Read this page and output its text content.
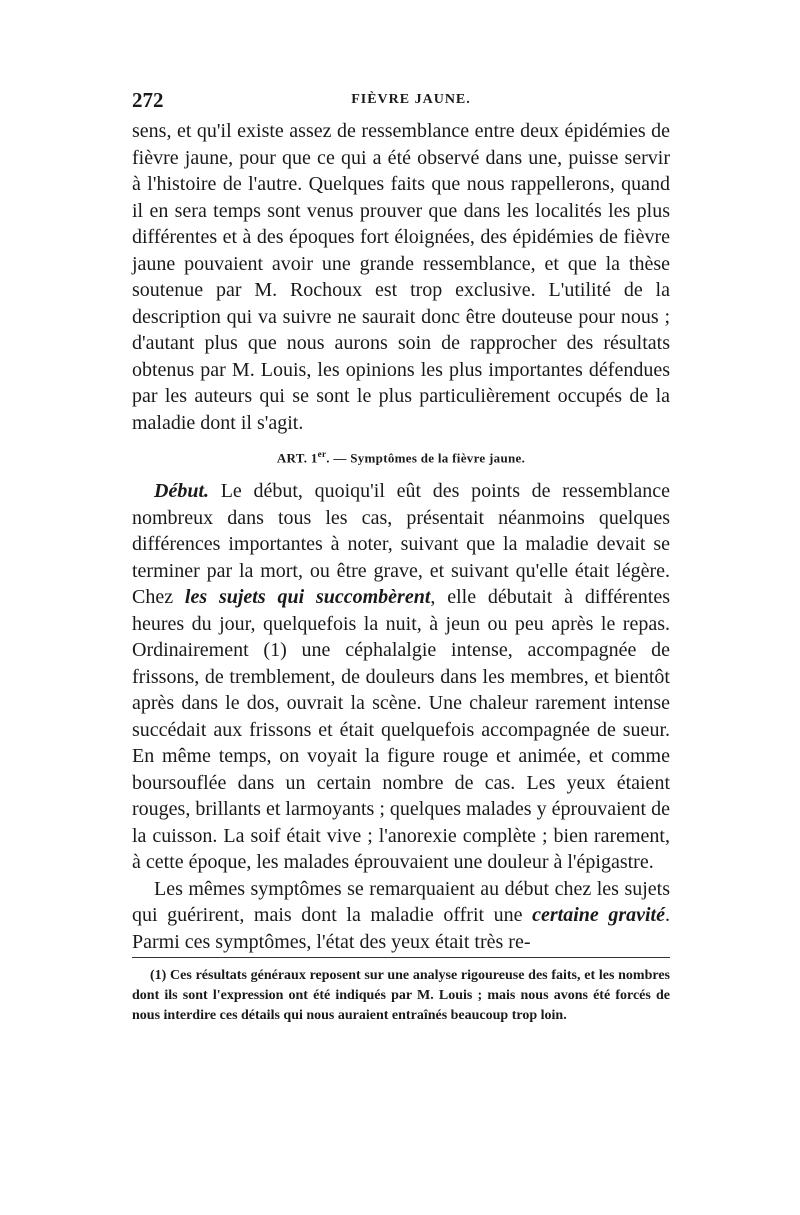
272	FIÈVRE JAUNE.

sens, et qu'il existe assez de ressemblance entre deux épidémies de fièvre jaune, pour que ce qui a été observé dans une, puisse servir à l'histoire de l'autre. Quelques faits que nous rappellerons, quand il en sera temps sont venus prouver que dans les localités les plus différentes et à des époques fort éloignées, des épidémies de fièvre jaune pouvaient avoir une grande ressemblance, et que la thèse soutenue par M. Rochoux est trop exclusive. L'utilité de la description qui va suivre ne saurait donc être douteuse pour nous ; d'autant plus que nous aurons soin de rapprocher des résultats obtenus par M. Louis, les opinions les plus importantes défendues par les auteurs qui se sont le plus particulièrement occupés de la maladie dont il s'agit.

ART. 1er. — Symptômes de la fièvre jaune.

Début. Le début, quoiqu'il eût des points de ressemblance nombreux dans tous les cas, présentait néanmoins quelques différences importantes à noter, suivant que la maladie devait se terminer par la mort, ou être grave, et suivant qu'elle était légère. Chez les sujets qui succombèrent, elle débutait à différentes heures du jour, quelquefois la nuit, à jeun ou peu après le repas. Ordinairement (1) une céphalalgie intense, accompagnée de frissons, de tremblement, de douleurs dans les membres, et bientôt après dans le dos, ouvrait la scène. Une chaleur rarement intense succédait aux frissons et était quelquefois accompagnée de sueur. En même temps, on voyait la figure rouge et animée, et comme boursouflée dans un certain nombre de cas. Les yeux étaient rouges, brillants et larmoyants ; quelques malades y éprouvaient de la cuisson. La soif était vive ; l'anorexie complète ; bien rarement, à cette époque, les malades éprouvaient une douleur à l'épigastre.

Les mêmes symptômes se remarquaient au début chez les sujets qui guérirent, mais dont la maladie offrit une certaine gravité. Parmi ces symptômes, l'état des yeux était très re-

(1) Ces résultats généraux reposent sur une analyse rigoureuse des faits, et les nombres dont ils sont l'expression ont été indiqués par M. Louis ; mais nous avons été forcés de nous interdire ces détails qui nous auraient entraînés beaucoup trop loin.
